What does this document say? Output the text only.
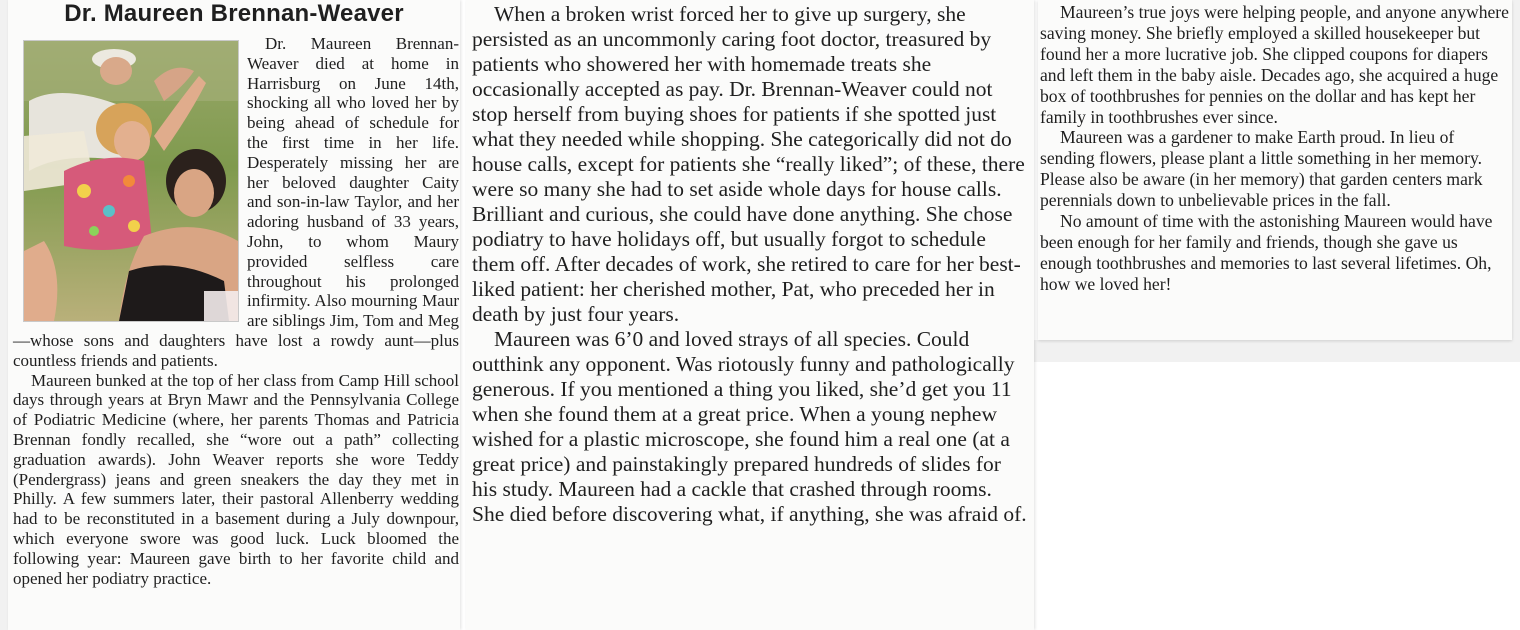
Dr. Maureen Brennan-Weaver

Dr. Maureen Brennan-Weaver died at home in Harrisburg on June 14th, shocking all who loved her by being ahead of schedule for the first time in her life. Desperately missing her are her beloved daughter Caity and son-in-law Taylor, and her adoring husband of 33 years, John, to whom Maury provided selfless care throughout his prolonged infirmity. Also mourning Maur are siblings Jim, Tom and Meg—whose sons and daughters have lost a rowdy aunt—plus countless friends and patients.

Maureen bunked at the top of her class from Camp Hill school days through years at Bryn Mawr and the Pennsylvania College of Podiatric Medicine (where, her parents Thomas and Patricia Brennan fondly recalled, she “wore out a path” collecting graduation awards). John Weaver reports she wore Teddy (Pendergrass) jeans and green sneakers the day they met in Philly. A few summers later, their pastoral Allenberry wedding had to be reconstituted in a basement during a July downpour, which everyone swore was good luck. Luck bloomed the following year: Maureen gave birth to her favorite child and opened her podiatry practice.

When a broken wrist forced her to give up surgery, she persisted as an uncommonly caring foot doctor, treasured by patients who showered her with homemade treats she occasionally accepted as pay. Dr. Brennan-Weaver could not stop herself from buying shoes for patients if she spotted just what they needed while shopping. She categorically did not do house calls, except for patients she “really liked”; of these, there were so many she had to set aside whole days for house calls. Brilliant and curious, she could have done anything. She chose podiatry to have holidays off, but usually forgot to schedule them off. After decades of work, she retired to care for her best-liked patient: her cherished mother, Pat, who preceded her in death by just four years.

Maureen was 6’0 and loved strays of all species. Could outthink any opponent. Was riotously funny and pathologically generous. If you mentioned a thing you liked, she’d get you 11 when she found them at a great price. When a young nephew wished for a plastic microscope, she found him a real one (at a great price) and painstakingly prepared hundreds of slides for his study. Maureen had a cackle that crashed through rooms. She died before discovering what, if anything, she was afraid of.

Maureen’s true joys were helping people, and anyone anywhere saving money. She briefly employed a skilled housekeeper but found her a more lucrative job. She clipped coupons for diapers and left them in the baby aisle. Decades ago, she acquired a huge box of toothbrushes for pennies on the dollar and has kept her family in toothbrushes ever since.

Maureen was a gardener to make Earth proud. In lieu of sending flowers, please plant a little something in her memory. Please also be aware (in her memory) that garden centers mark perennials down to unbelievable prices in the fall.

No amount of time with the astonishing Maureen would have been enough for her family and friends, though she gave us enough toothbrushes and memories to last several lifetimes. Oh, how we loved her!
